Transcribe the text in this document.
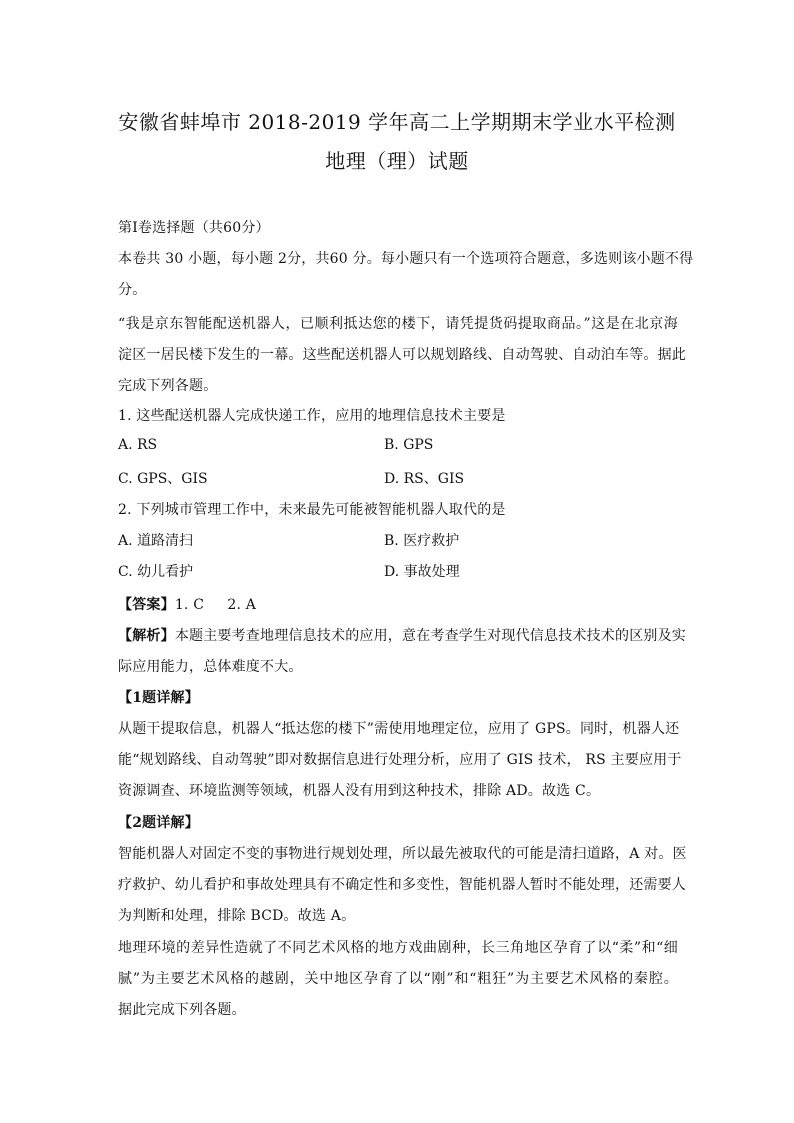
安徽省蚌埠市 2018-2019 学年高二上学期期末学业水平检测
地理（理）试题
第Ⅰ卷选择题（共60分）
本卷共 30 小题，每小题 2分，共60 分。每小题只有一个选项符合题意，多选则该小题不得
分。
“我是京东智能配送机器人，已顺利抵达您的楼下，请凭提货码提取商品。”这是在北京海
淀区一居民楼下发生的一幕。这些配送机器人可以规划路线、自动驾驶、自动泊车等。据此
完成下列各题。
1. 这些配送机器人完成快递工作，应用的地理信息技术主要是
A. RS	B. GPS
C. GPS、GIS	D. RS、GIS
2. 下列城市管理工作中，未来最先可能被智能机器人取代的是
A. 道路清扫	B. 医疗救护
C. 幼儿看护	D. 事故处理
【答案】1. C     2. A
【解析】本题主要考查地理信息技术的应用，意在考查学生对现代信息技术技术的区别及实
际应用能力，总体难度不大。
【1题详解】
从题干提取信息，机器人“抵达您的楼下”需使用地理定位，应用了 GPS。同时，机器人还
能“规划路线、自动驾驶”即对数据信息进行处理分析，应用了 GIS 技术， RS 主要应用于
资源调查、环境监测等领域，机器人没有用到这种技术，排除 AD。故选 C。
【2题详解】
智能机器人对固定不变的事物进行规划处理，所以最先被取代的可能是清扫道路，A 对。医
疗救护、幼儿看护和事故处理具有不确定性和多变性，智能机器人暂时不能处理，还需要人
为判断和处理，排除 BCD。故选 A。
地理环境的差异性造就了不同艺术风格的地方戏曲剧种，长三角地区孕育了以“柔”和“细
腻”为主要艺术风格的越剧，关中地区孕育了以“刚”和“粗狂”为主要艺术风格的秦腔。
据此完成下列各题。
